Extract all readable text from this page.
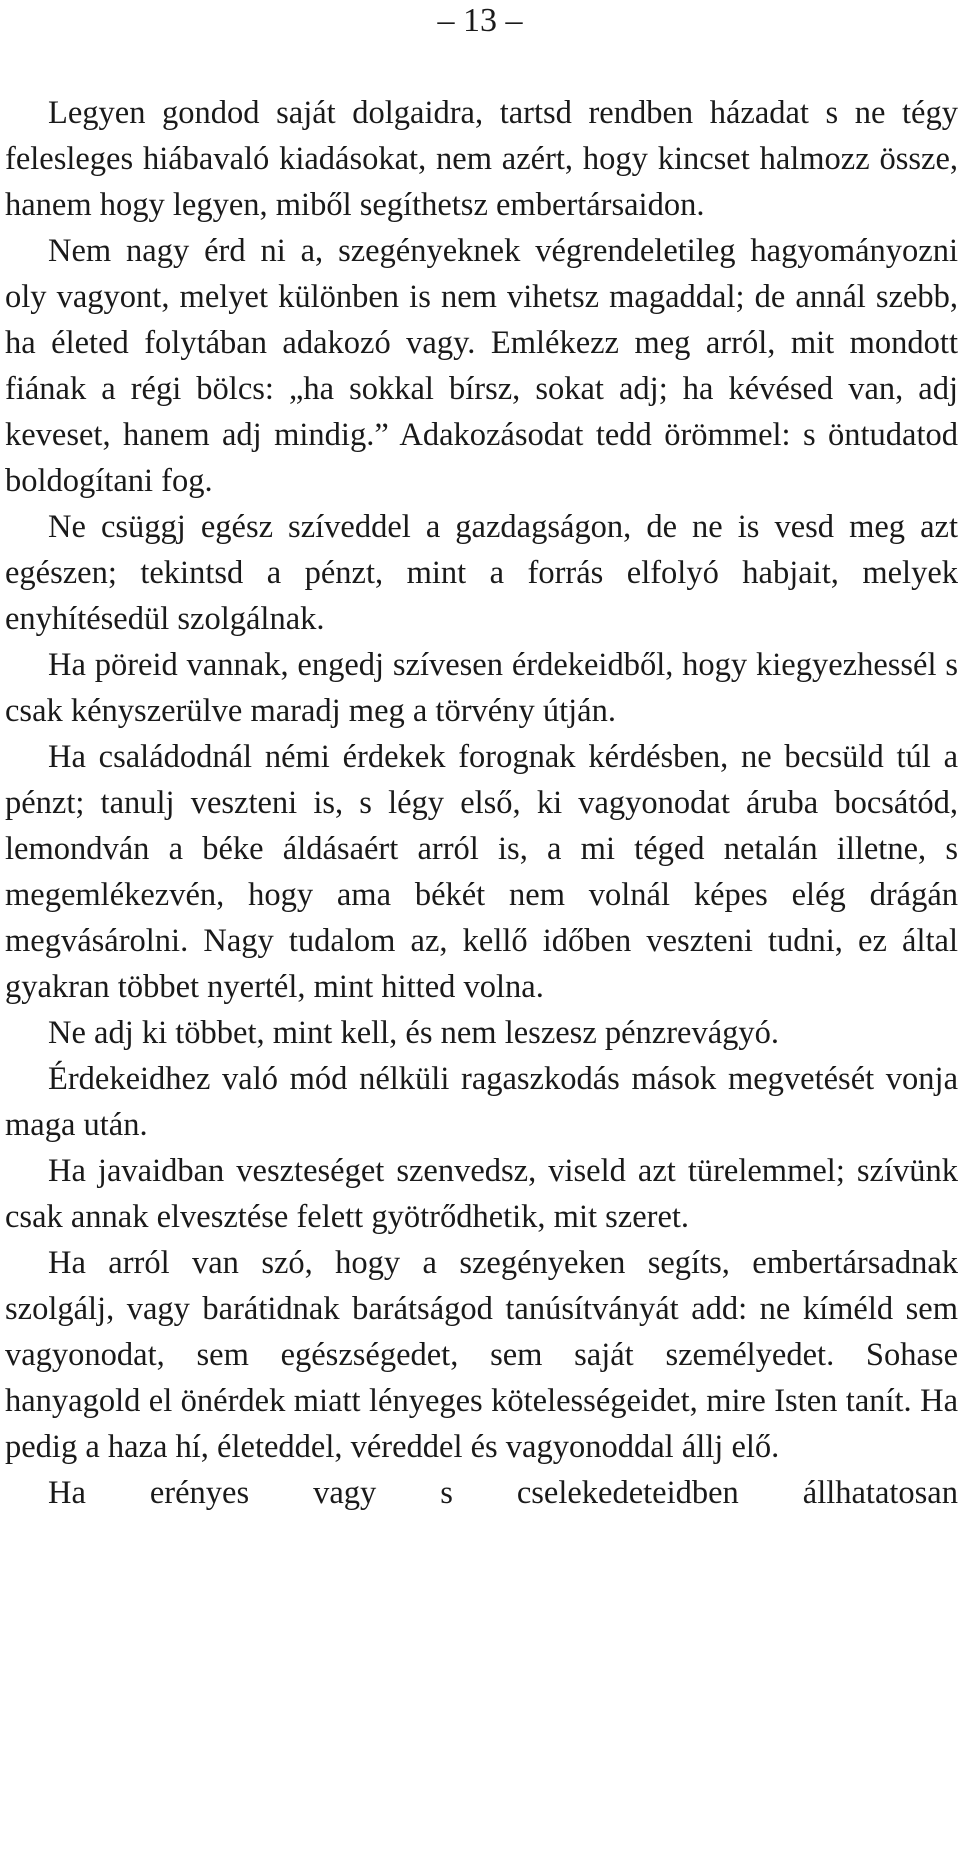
– 13 –

Legyen gondod saját dolgaidra, tartsd rendben házadat s ne tégy felesleges hiábavaló kiadásokat, nem azért, hogy kincset halmozz össze, hanem hogy legyen, miből segíthetsz embertársaidon.

Nem nagy érd ni a, szegényeknek végrendeletileg hagyományozni oly vagyont, melyet különben is nem vihetsz magaddal; de annál szebb, ha életed folytában adakozó vagy. Emlékezz meg arról, mit mondott fiának a régi bölcs: „ha sokkal bírsz, sokat adj; ha kévésed van, adj keveset, hanem adj mindig.” Adakozásodat tedd örömmel: s öntudatod boldogítani fog.

Ne csüggj egész szíveddel a gazdagságon, de ne is vesd meg azt egészen; tekintsd a pénzt, mint a forrás elfolyó habjait, melyek enyhítésedül szolgálnak.

Ha pöreid vannak, engedj szívesen érdekeidből, hogy kiegyezhessél s csak kényszerülve maradj meg a törvény útján.

Ha családodnál némi érdekek forognak kérdésben, ne becsüld túl a pénzt; tanulj veszteni is, s légy első, ki vagyonodat áruba bocsátód, lemondván a béke áldásaért arról is, a mi téged netalán illetne, s megemlékezvén, hogy ama békét nem volnál képes elég drágán megvásárolni. Nagy tudalom az, kellő időben veszteni tudni, ez által gyakran többet nyertél, mint hitted volna.

Ne adj ki többet, mint kell, és nem leszesz pénzrevágyó.

Érdekeidhez való mód nélküli ragaszkodás mások megvetését vonja maga után.

Ha javaidban veszteséget szenvedsz, viseld azt türelemmel; szívünk csak annak elvesztése felett gyötrődhetik, mit szeret.

Ha arról van szó, hogy a szegényeken segíts, embertársadnak szolgálj, vagy barátidnak barátságod tanúsítványát add: ne kíméld sem vagyonodat, sem egészségedet, sem saját személyedet. Sohase hanyagold el önérdek miatt lényeges kötelességeidet, mire Isten tanít. Ha pedig a haza hí, életeddel, véreddel és vagyonoddal állj elő.

Ha erényes vagy s cselekedeteidben állhatatosan
